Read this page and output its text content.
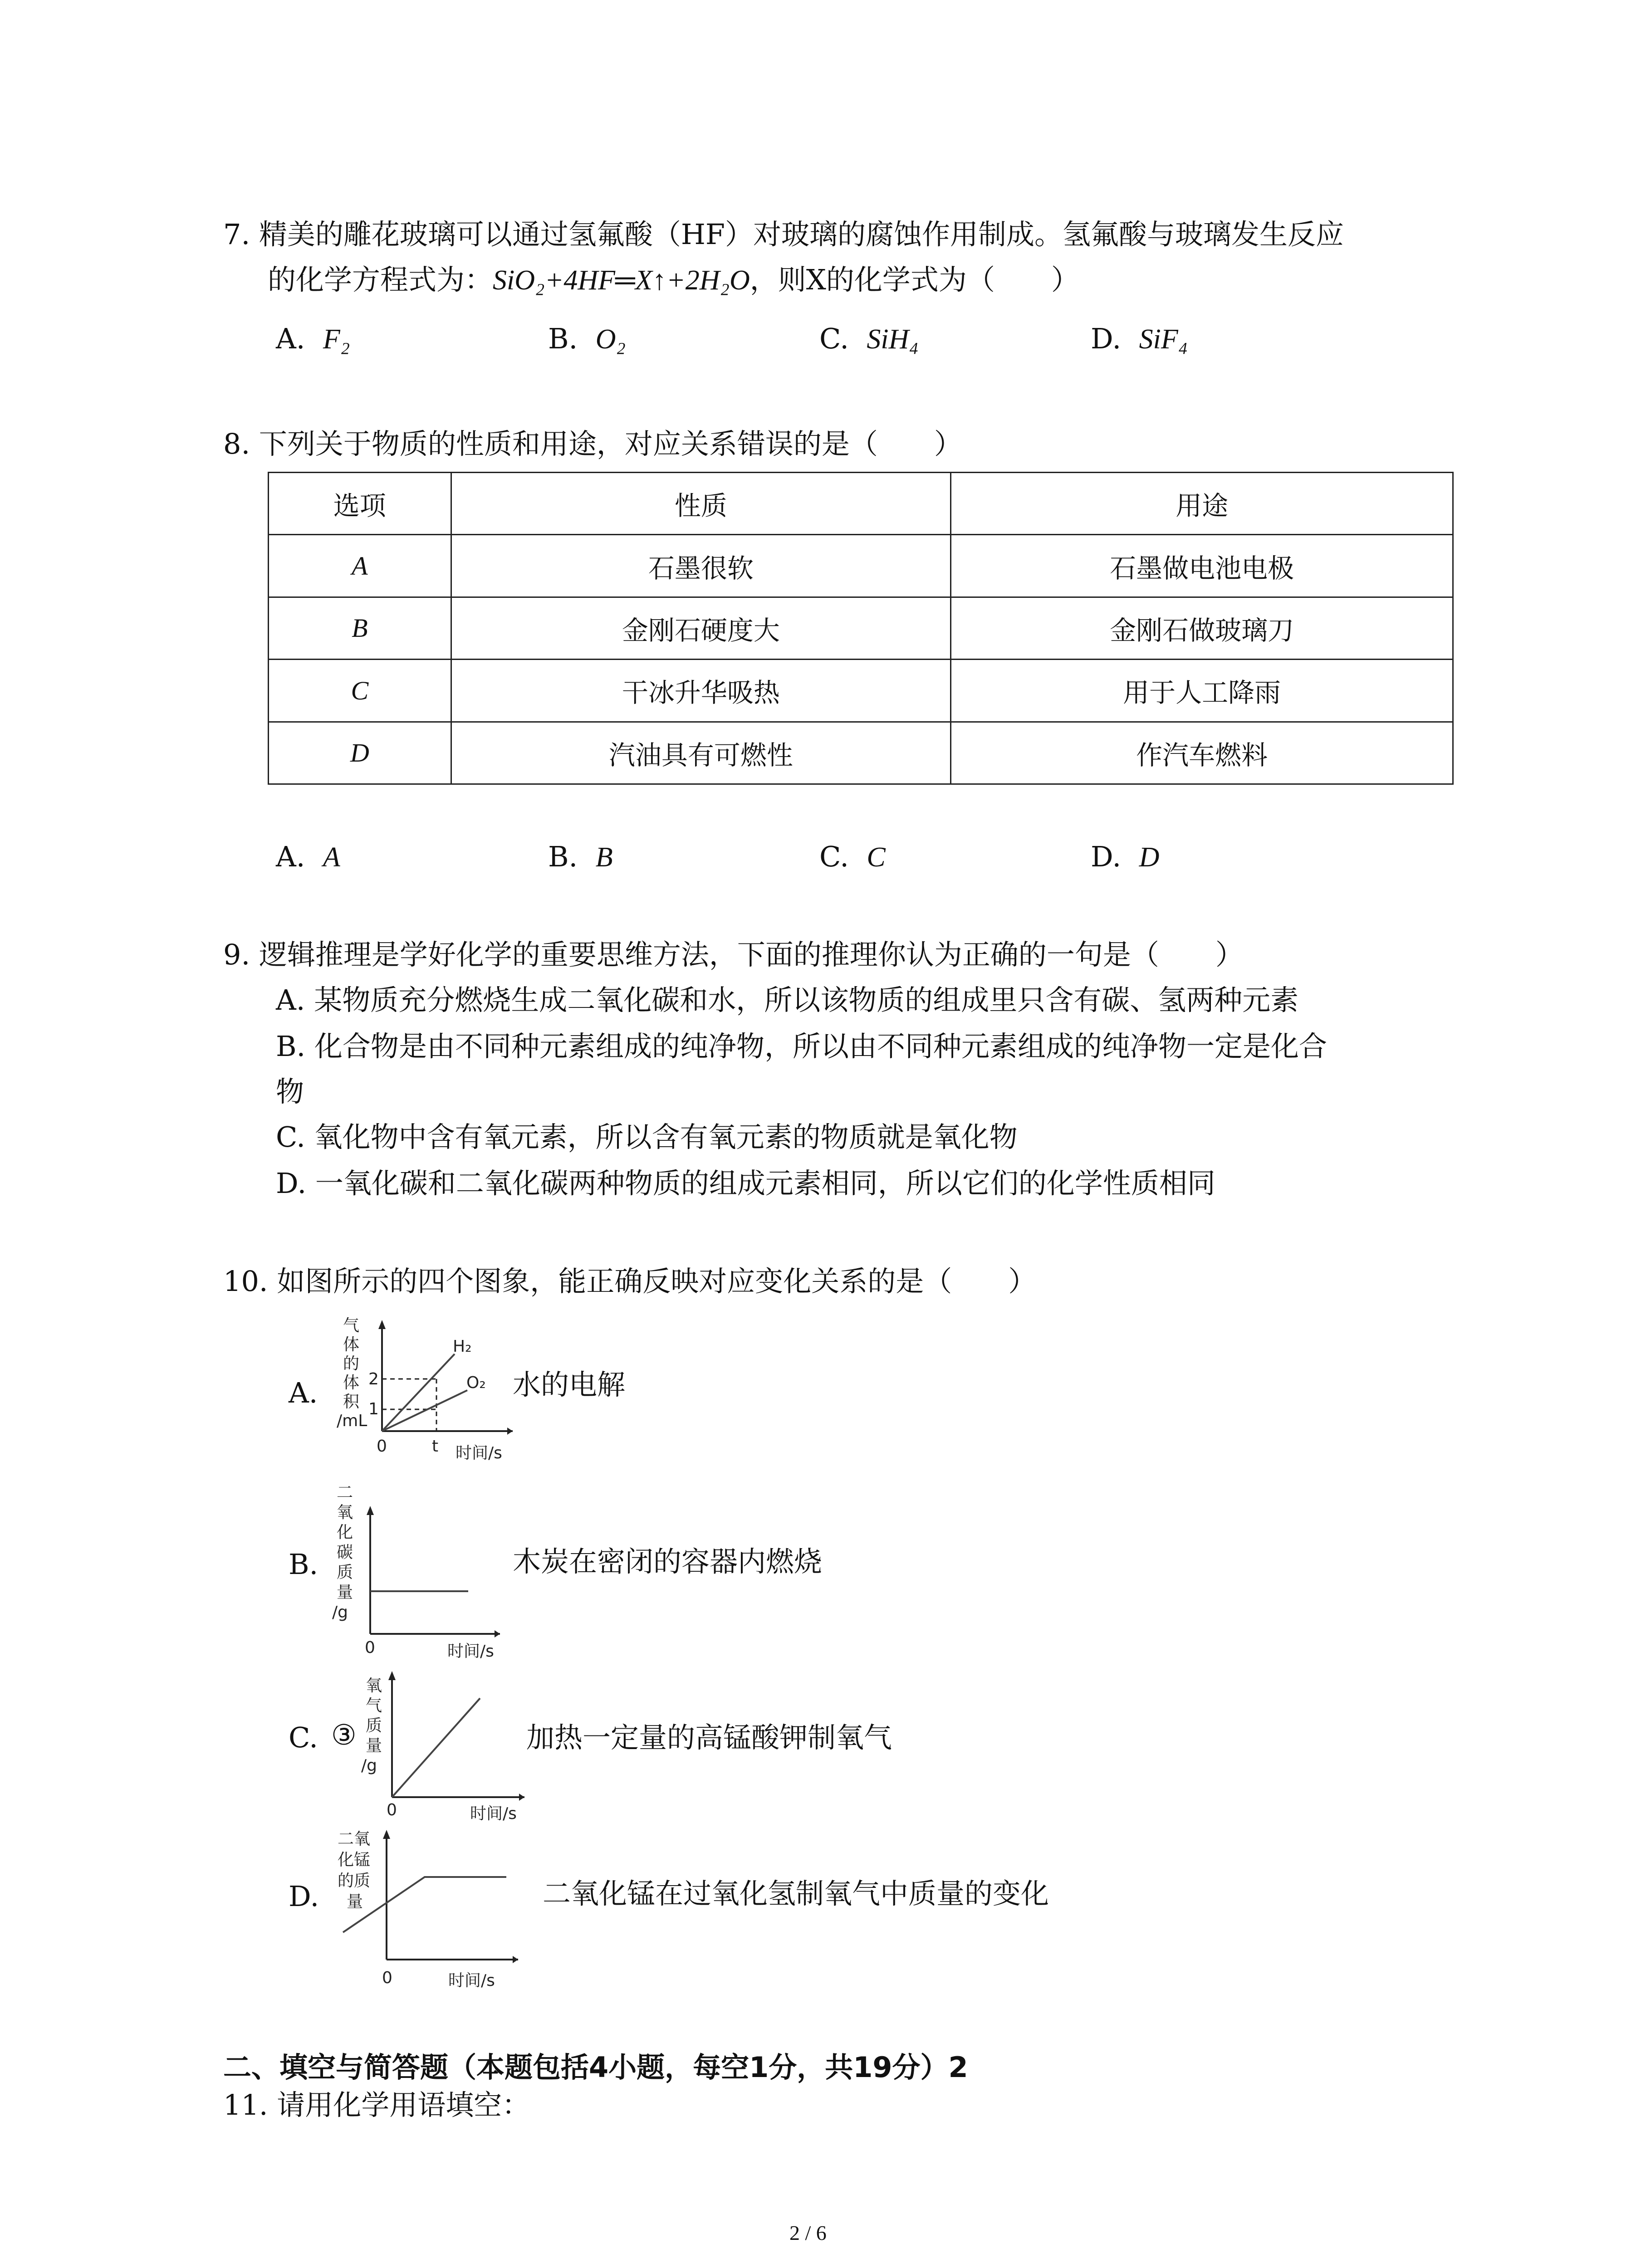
7. 精美的雕花玻璃可以通过氢氟酸（HF）对玻璃的腐蚀作用制成。氢氟酸与玻璃发生反应
的化学方程式为：SiO₂+4HF═X↑+2H₂O，则X的化学式为（　　）
A. F₂	B. O₂	C. SiH₄	D. SiF₄
8. 下列关于物质的性质和用途，对应关系错误的是（　　）
选项	性质	用途
A	石墨很软	石墨做电池电极
B	金刚石硬度大	金刚石做玻璃刀
C	干冰升华吸热	用于人工降雨
D	汽油具有可燃性	作汽车燃料
A. A	B. B	C. C	D. D
9. 逻辑推理是学好化学的重要思维方法，下面的推理你认为正确的一句是（　　）
A. 某物质充分燃烧生成二氧化碳和水，所以该物质的组成里只含有碳、氢两种元素
B. 化合物是由不同种元素组成的纯净物，所以由不同种元素组成的纯净物一定是化合
物
C. 氧化物中含有氧元素，所以含有氧元素的物质就是氧化物
D. 一氧化碳和二氧化碳两种物质的组成元素相同，所以它们的化学性质相同
10. 如图所示的四个图象，能正确反映对应变化关系的是（　　）
A.
气
体
的
体
积
/mL
H₂
O₂
2
1
0	t 时间/s
水的电解
B.
二
氧
化
碳
质
量
/g
0	时间/s
木炭在密闭的容器内燃烧
C. ③
氧
气
质
量
/g
0	时间/s
加热一定量的高锰酸钾制氧气
D.
二氧
化锰
的质
量
0	时间/s
二氧化锰在过氧化氢制氧气中质量的变化
二、填空与简答题（本题包括4小题，每空1分，共19分）2
11. 请用化学用语填空：
2 / 6
